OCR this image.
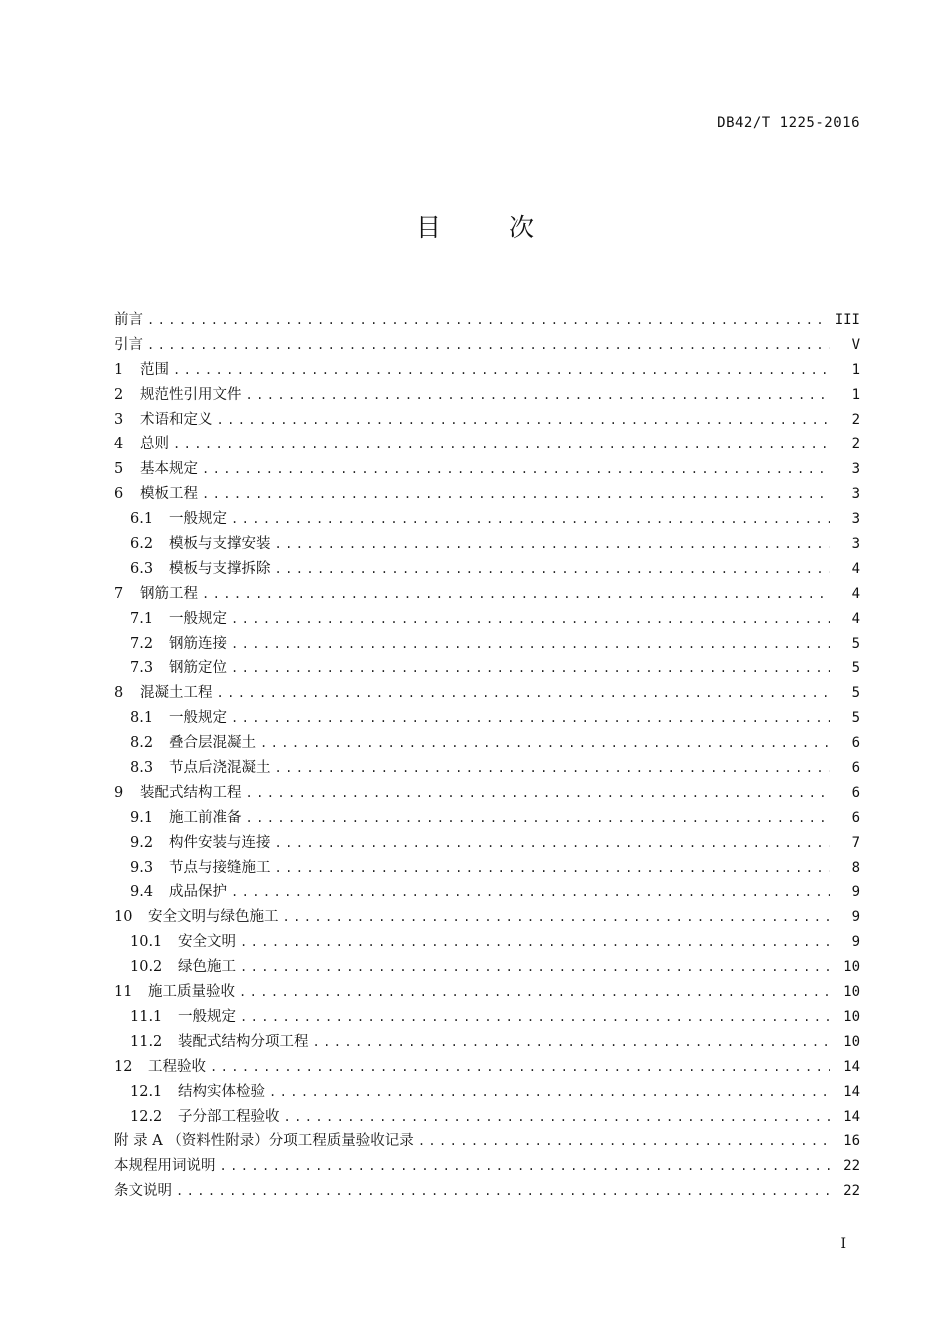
DB42/T 1225-2016
目 次
前言 .....	III
引言 .....	V
1	范围 .....	1
2	规范性引用文件 .....	1
3	术语和定义 .....	2
4	总则 .....	2
5	基本规定 .....	3
6	模板工程 .....	3
6.1	一般规定 .....	3
6.2	模板与支撑安装 .....	3
6.3	模板与支撑拆除 .....	4
7	钢筋工程 .....	4
7.1	一般规定 .....	4
7.2	钢筋连接 .....	5
7.3	钢筋定位 .....	5
8	混凝土工程 .....	5
8.1	一般规定 .....	5
8.2	叠合层混凝土 .....	6
8.3	节点后浇混凝土 .....	6
9	装配式结构工程 .....	6
9.1	施工前准备 .....	6
9.2	构件安装与连接 .....	7
9.3	节点与接缝施工 .....	8
9.4	成品保护 .....	9
10	安全文明与绿色施工 .....	9
10.1	安全文明 .....	9
10.2	绿色施工 .....	10
11	施工质量验收 .....	10
11.1	一般规定 .....	10
11.2	装配式结构分项工程 .....	10
12	工程验收 .....	14
12.1	结构实体检验 .....	14
12.2	子分部工程验收 .....	14
附 录 A （资料性附录）分项工程质量验收记录 .....	16
本规程用词说明 .....	22
条文说明 .....	22
I
